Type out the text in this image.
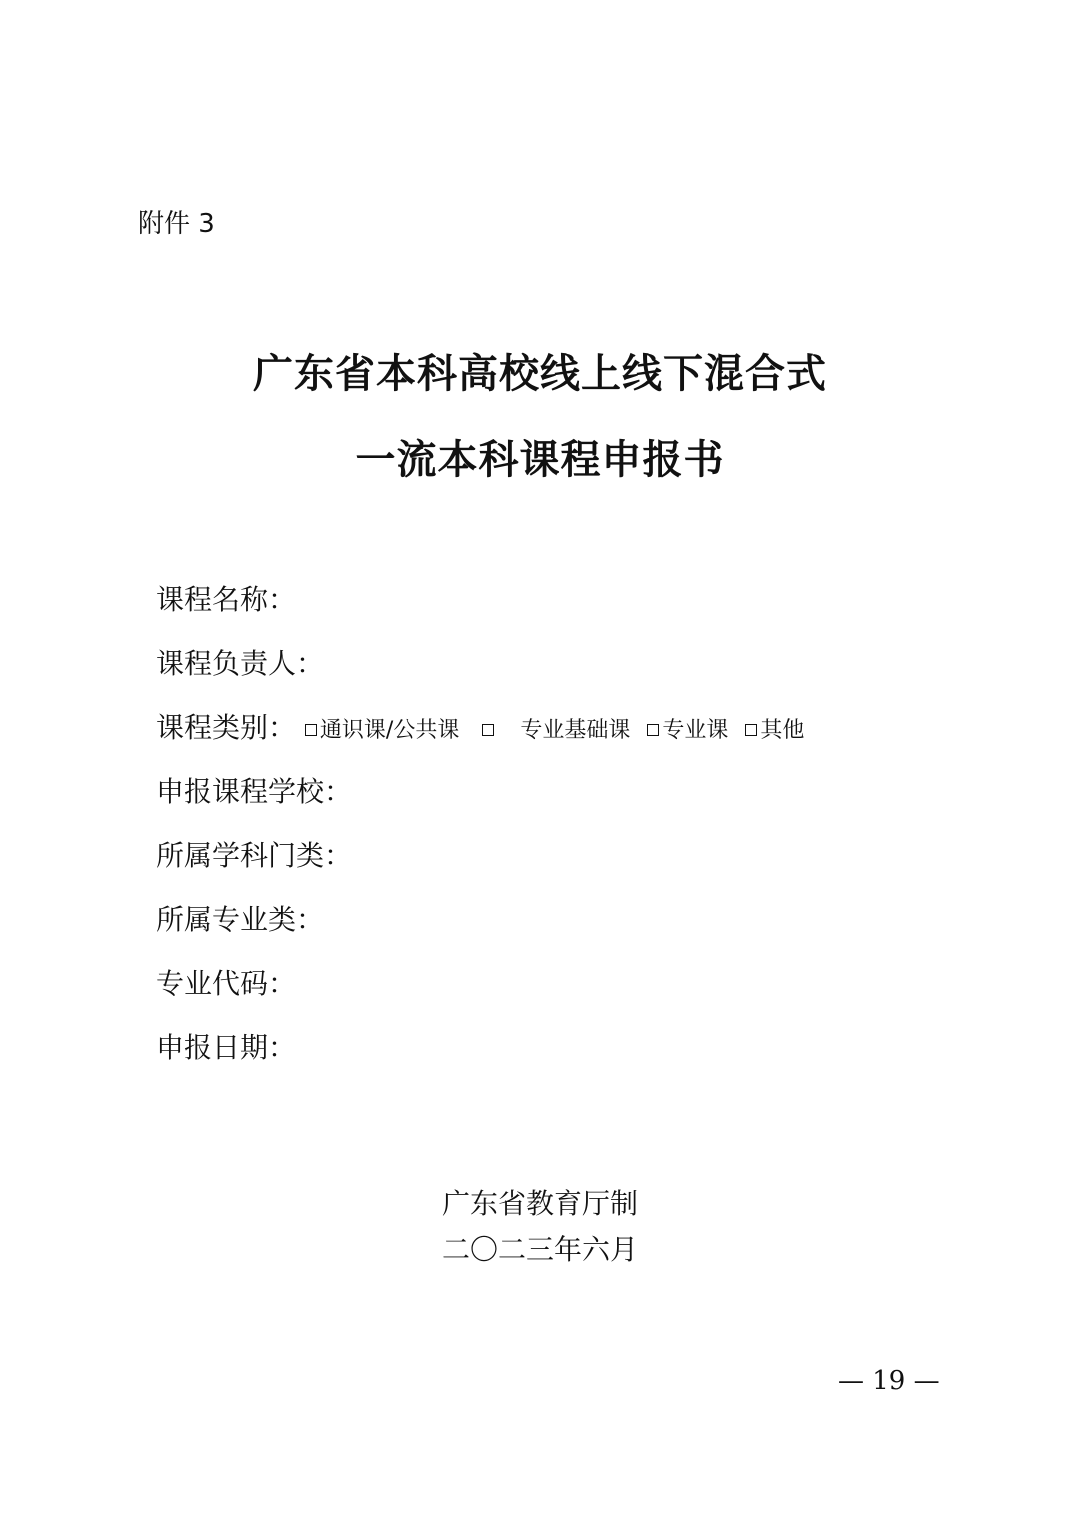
附件 3
广东省本科高校线上线下混合式
一流本科课程申报书
课程名称：
课程负责人：
课程类别： 通识课/公共课	专业基础课 专业课 其他
申报课程学校：
所属学科门类：
所属专业类：
专业代码：
申报日期：
广东省教育厅制
二〇二三年六月
— 19 —
